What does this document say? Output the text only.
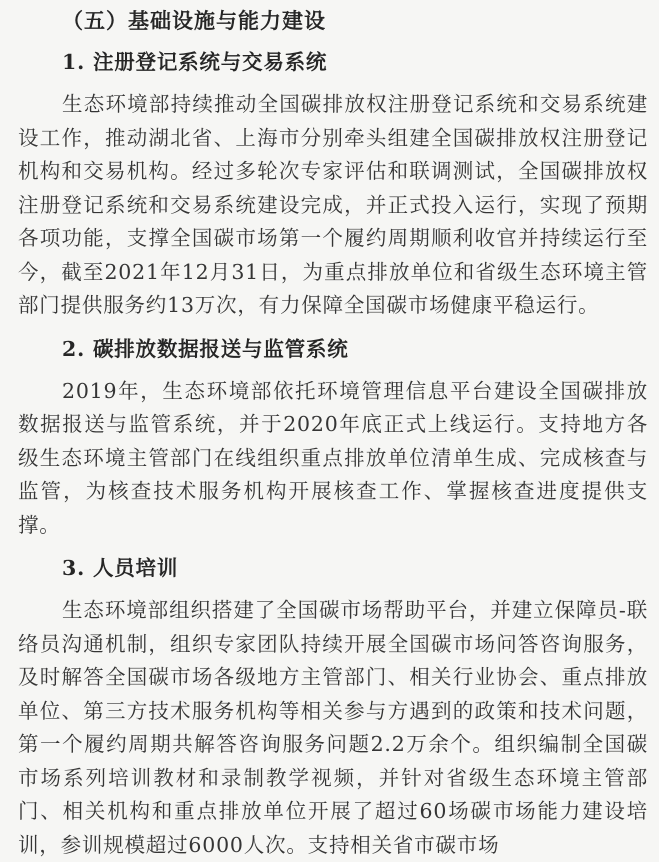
（五）基础设施与能力建设
1. 注册登记系统与交易系统

生态环境部持续推动全国碳排放权注册登记系统和交易系统建设工作，推动湖北省、上海市分别牵头组建全国碳排放权注册登记机构和交易机构。经过多轮次专家评估和联调测试，全国碳排放权注册登记系统和交易系统建设完成，并正式投入运行，实现了预期各项功能，支撑全国碳市场第一个履约周期顺利收官并持续运行至今，截至2021年12月31日，为重点排放单位和省级生态环境主管部门提供服务约13万次，有力保障全国碳市场健康平稳运行。

2. 碳排放数据报送与监管系统

2019年，生态环境部依托环境管理信息平台建设全国碳排放数据报送与监管系统，并于2020年底正式上线运行。支持地方各级生态环境主管部门在线组织重点排放单位清单生成、完成核查与监管，为核查技术服务机构开展核查工作、掌握核查进度提供支撑。

3. 人员培训

生态环境部组织搭建了全国碳市场帮助平台，并建立保障员-联络员沟通机制，组织专家团队持续开展全国碳市场问答咨询服务，及时解答全国碳市场各级地方主管部门、相关行业协会、重点排放单位、第三方技术服务机构等相关参与方遇到的政策和技术问题，第一个履约周期共解答咨询服务问题2.2万余个。组织编制全国碳市场系列培训教材和录制教学视频，并针对省级生态环境主管部门、相关机构和重点排放单位开展了超过60场碳市场能力建设培训，参训规模超过6000人次。支持相关省市碳市场
